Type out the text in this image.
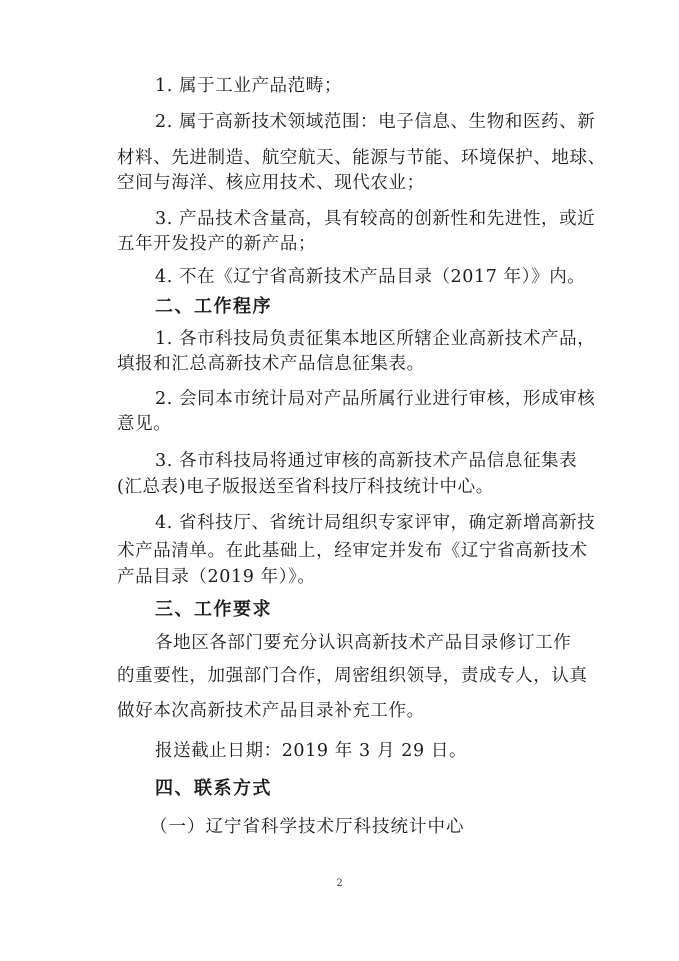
1. 属于工业产品范畴；
2. 属于高新技术领域范围：电子信息、生物和医药、新
材料、先进制造、航空航天、能源与节能、环境保护、地球、
空间与海洋、核应用技术、现代农业；
3. 产品技术含量高，具有较高的创新性和先进性，或近
五年开发投产的新产品；
4. 不在《辽宁省高新技术产品目录（2017 年）》内。
二、工作程序
1. 各市科技局负责征集本地区所辖企业高新技术产品，
填报和汇总高新技术产品信息征集表。
2. 会同本市统计局对产品所属行业进行审核，形成审核
意见。
3. 各市科技局将通过审核的高新技术产品信息征集表
(汇总表)电子版报送至省科技厅科技统计中心。
4. 省科技厅、省统计局组织专家评审，确定新增高新技
术产品清单。在此基础上，经审定并发布《辽宁省高新技术
产品目录（2019 年）》。
三、工作要求
各地区各部门要充分认识高新技术产品目录修订工作
的重要性，加强部门合作，周密组织领导，责成专人，认真
做好本次高新技术产品目录补充工作。
报送截止日期：2019 年 3 月 29 日。
四、联系方式
（一）辽宁省科学技术厅科技统计中心
2
